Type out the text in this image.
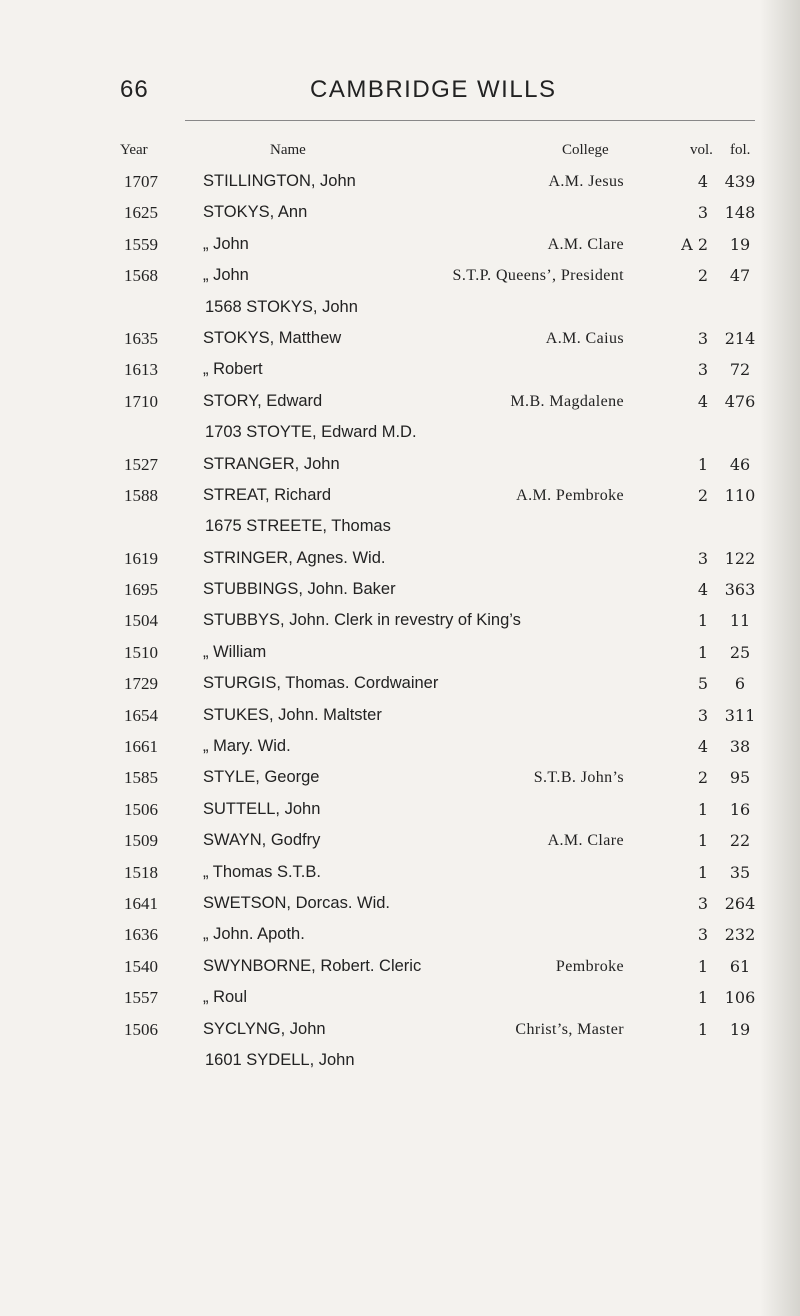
66	CAMBRIDGE WILLS
Year	Name	College	vol. fol.
1707	STILLINGTON, John	A.M. Jesus	4	439
1625	STOKYS, Ann	3	148
1559	„ John	A.M. Clare	A 2	19
1568	„ John	S.T.P. Queens’, President	2	47
1568 STOKYS, John
1635	STOKYS, Matthew	A.M. Caius	3	214
1613	„ Robert	3	72
1710	STORY, Edward	M.B. Magdalene	4	476
1703 STOYTE, Edward M.D.
1527	STRANGER, John	1	46
1588	STREAT, Richard	A.M. Pembroke	2	110
1675 STREETE, Thomas
1619	STRINGER, Agnes. Wid.	3	122
1695	STUBBINGS, John. Baker	4	363
1504	STUBBYS, John. Clerk in revestry of King’s	1	11
1510	„ William	1	25
1729	STURGIS, Thomas. Cordwainer	5	6
1654	STUKES, John. Maltster	3	311
1661	„ Mary. Wid.	4	38
1585	STYLE, George	S.T.B. John’s	2	95
1506	SUTTELL, John	1	16
1509	SWAYN, Godfry	A.M. Clare	1	22
1518	„ Thomas S.T.B.	1	35
1641	SWETSON, Dorcas. Wid.	3	264
1636	„ John. Apoth.	3	232
1540	SWYNBORNE, Robert. Cleric	Pembroke	1	61
1557	„ Roul	1	106
1506	SYCLYNG, John	Christ’s, Master	1	19
1601 SYDELL, John
